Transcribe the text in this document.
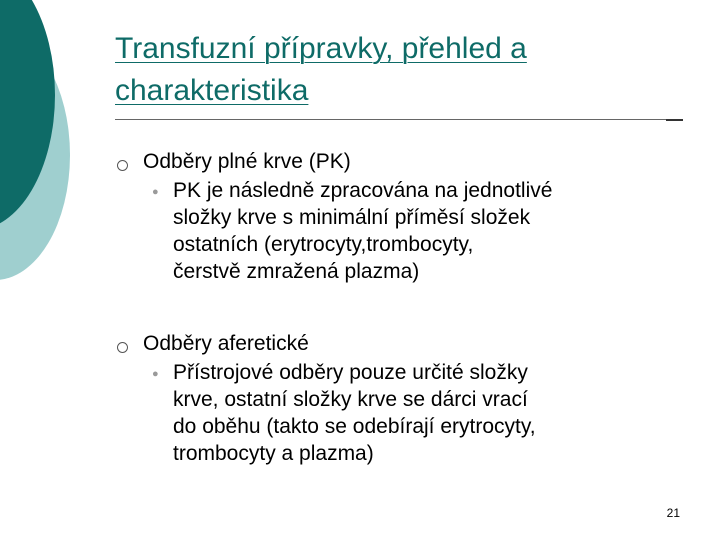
Transfuzní přípravky, přehled a charakteristika
Odběry plné krve (PK)
● PK je následně zpracována na jednotlivé
složky krve s minimální příměsí složek
ostatních (erytrocyty,trombocyty,
čerstvě zmražená plazma)
Odběry aferetické
● Přístrojové odběry pouze určité složky
krve, ostatní složky krve se dárci vrací
do oběhu (takto se odebírají erytrocyty,
trombocyty a plazma)
21
